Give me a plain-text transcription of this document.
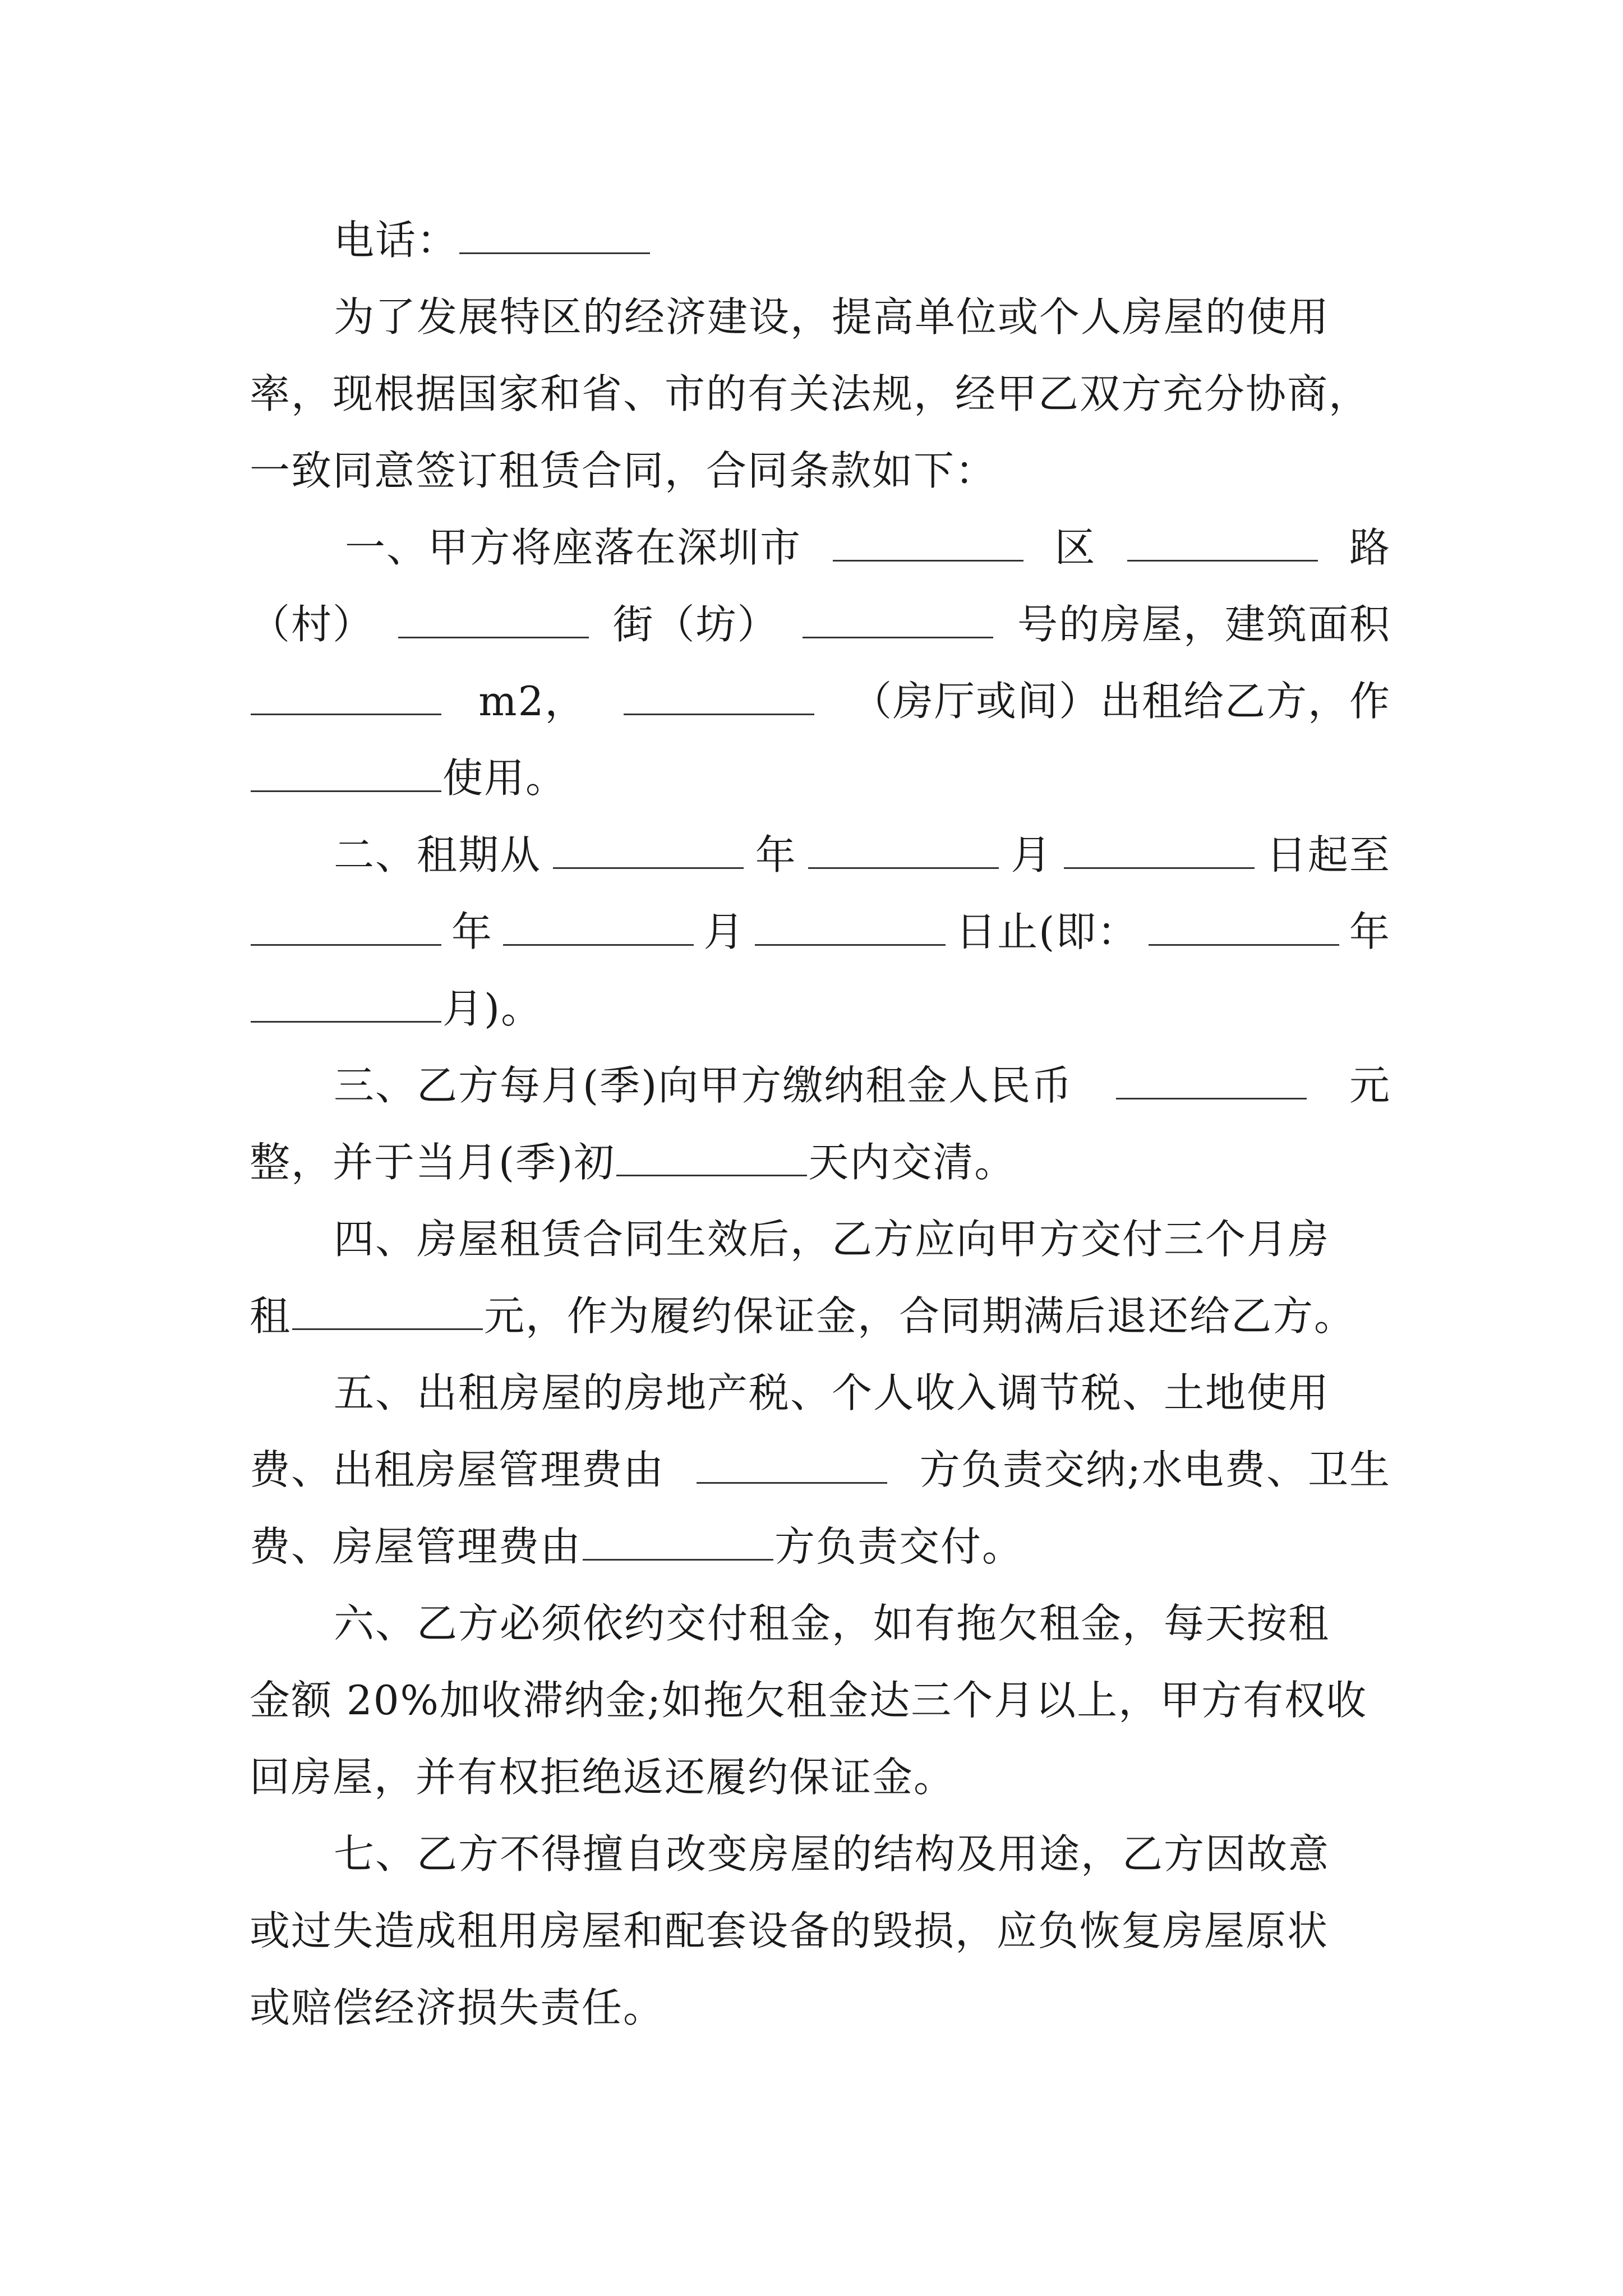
电话：
为了发展特区的经济建设，提高单位或个人房屋的使用
率，现根据国家和省、市的有关法规，经甲乙双方充分协商，
一致同意签订租赁合同，合同条款如下：
一、甲方将座落在深圳市	区	路
（村）	街（坊）	号的房屋，建筑面积
m2，	（房厅或间）出租给乙方，作
使用。
二、租期从	年	月	日起至
年	月	日止(即：	年
月)。
三、乙方每月(季)向甲方缴纳租金人民币	元
整，并于当月(季)初	天内交清。
四、房屋租赁合同生效后，乙方应向甲方交付三个月房
租	元，作为履约保证金，合同期满后退还给乙方。
五、出租房屋的房地产税、个人收入调节税、土地使用
费、出租房屋管理费由	方负责交纳;水电费、卫生
费、房屋管理费由	方负责交付。
六、乙方必须依约交付租金，如有拖欠租金，每天按租
金额 20%加收滞纳金;如拖欠租金达三个月以上，甲方有权收
回房屋，并有权拒绝返还履约保证金。
七、乙方不得擅自改变房屋的结构及用途，乙方因故意
或过失造成租用房屋和配套设备的毁损，应负恢复房屋原状
或赔偿经济损失责任。
